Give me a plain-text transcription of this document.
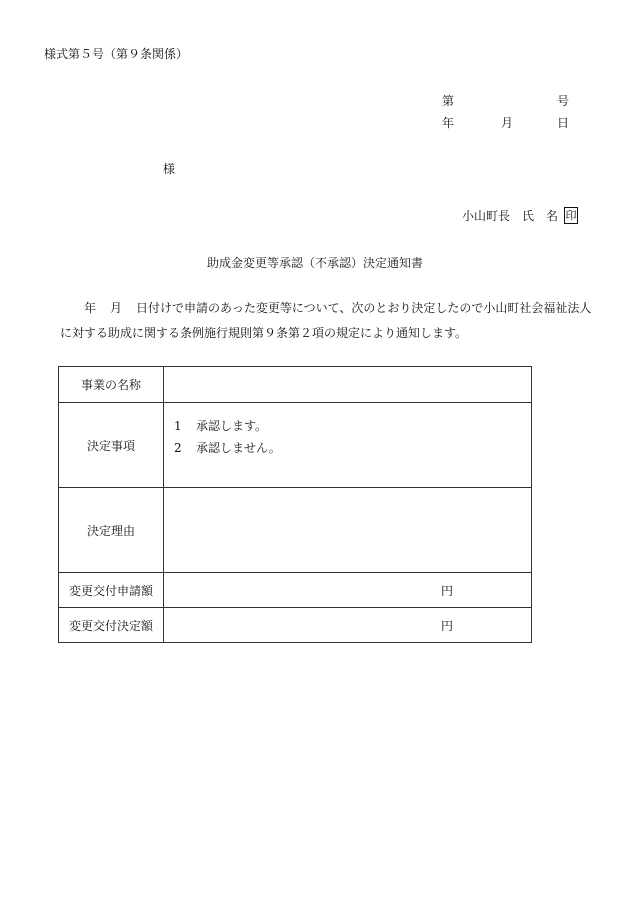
様式第５号（第９条関係）
第	号
年	月	日
様
小山町長 氏 名 印
助成金変更等承認（不承認）決定通知書
年 月 日付けで申請のあった変更等について、次のとおり決定したので小山町社会福祉法人
に対する助成に関する条例施行規則第９条第２項の規定により通知します。
事業の名称	
決定事項	1 承認します。
2 承認しません。

決定理由	
変更交付申請額	円

変更交付決定額	円
